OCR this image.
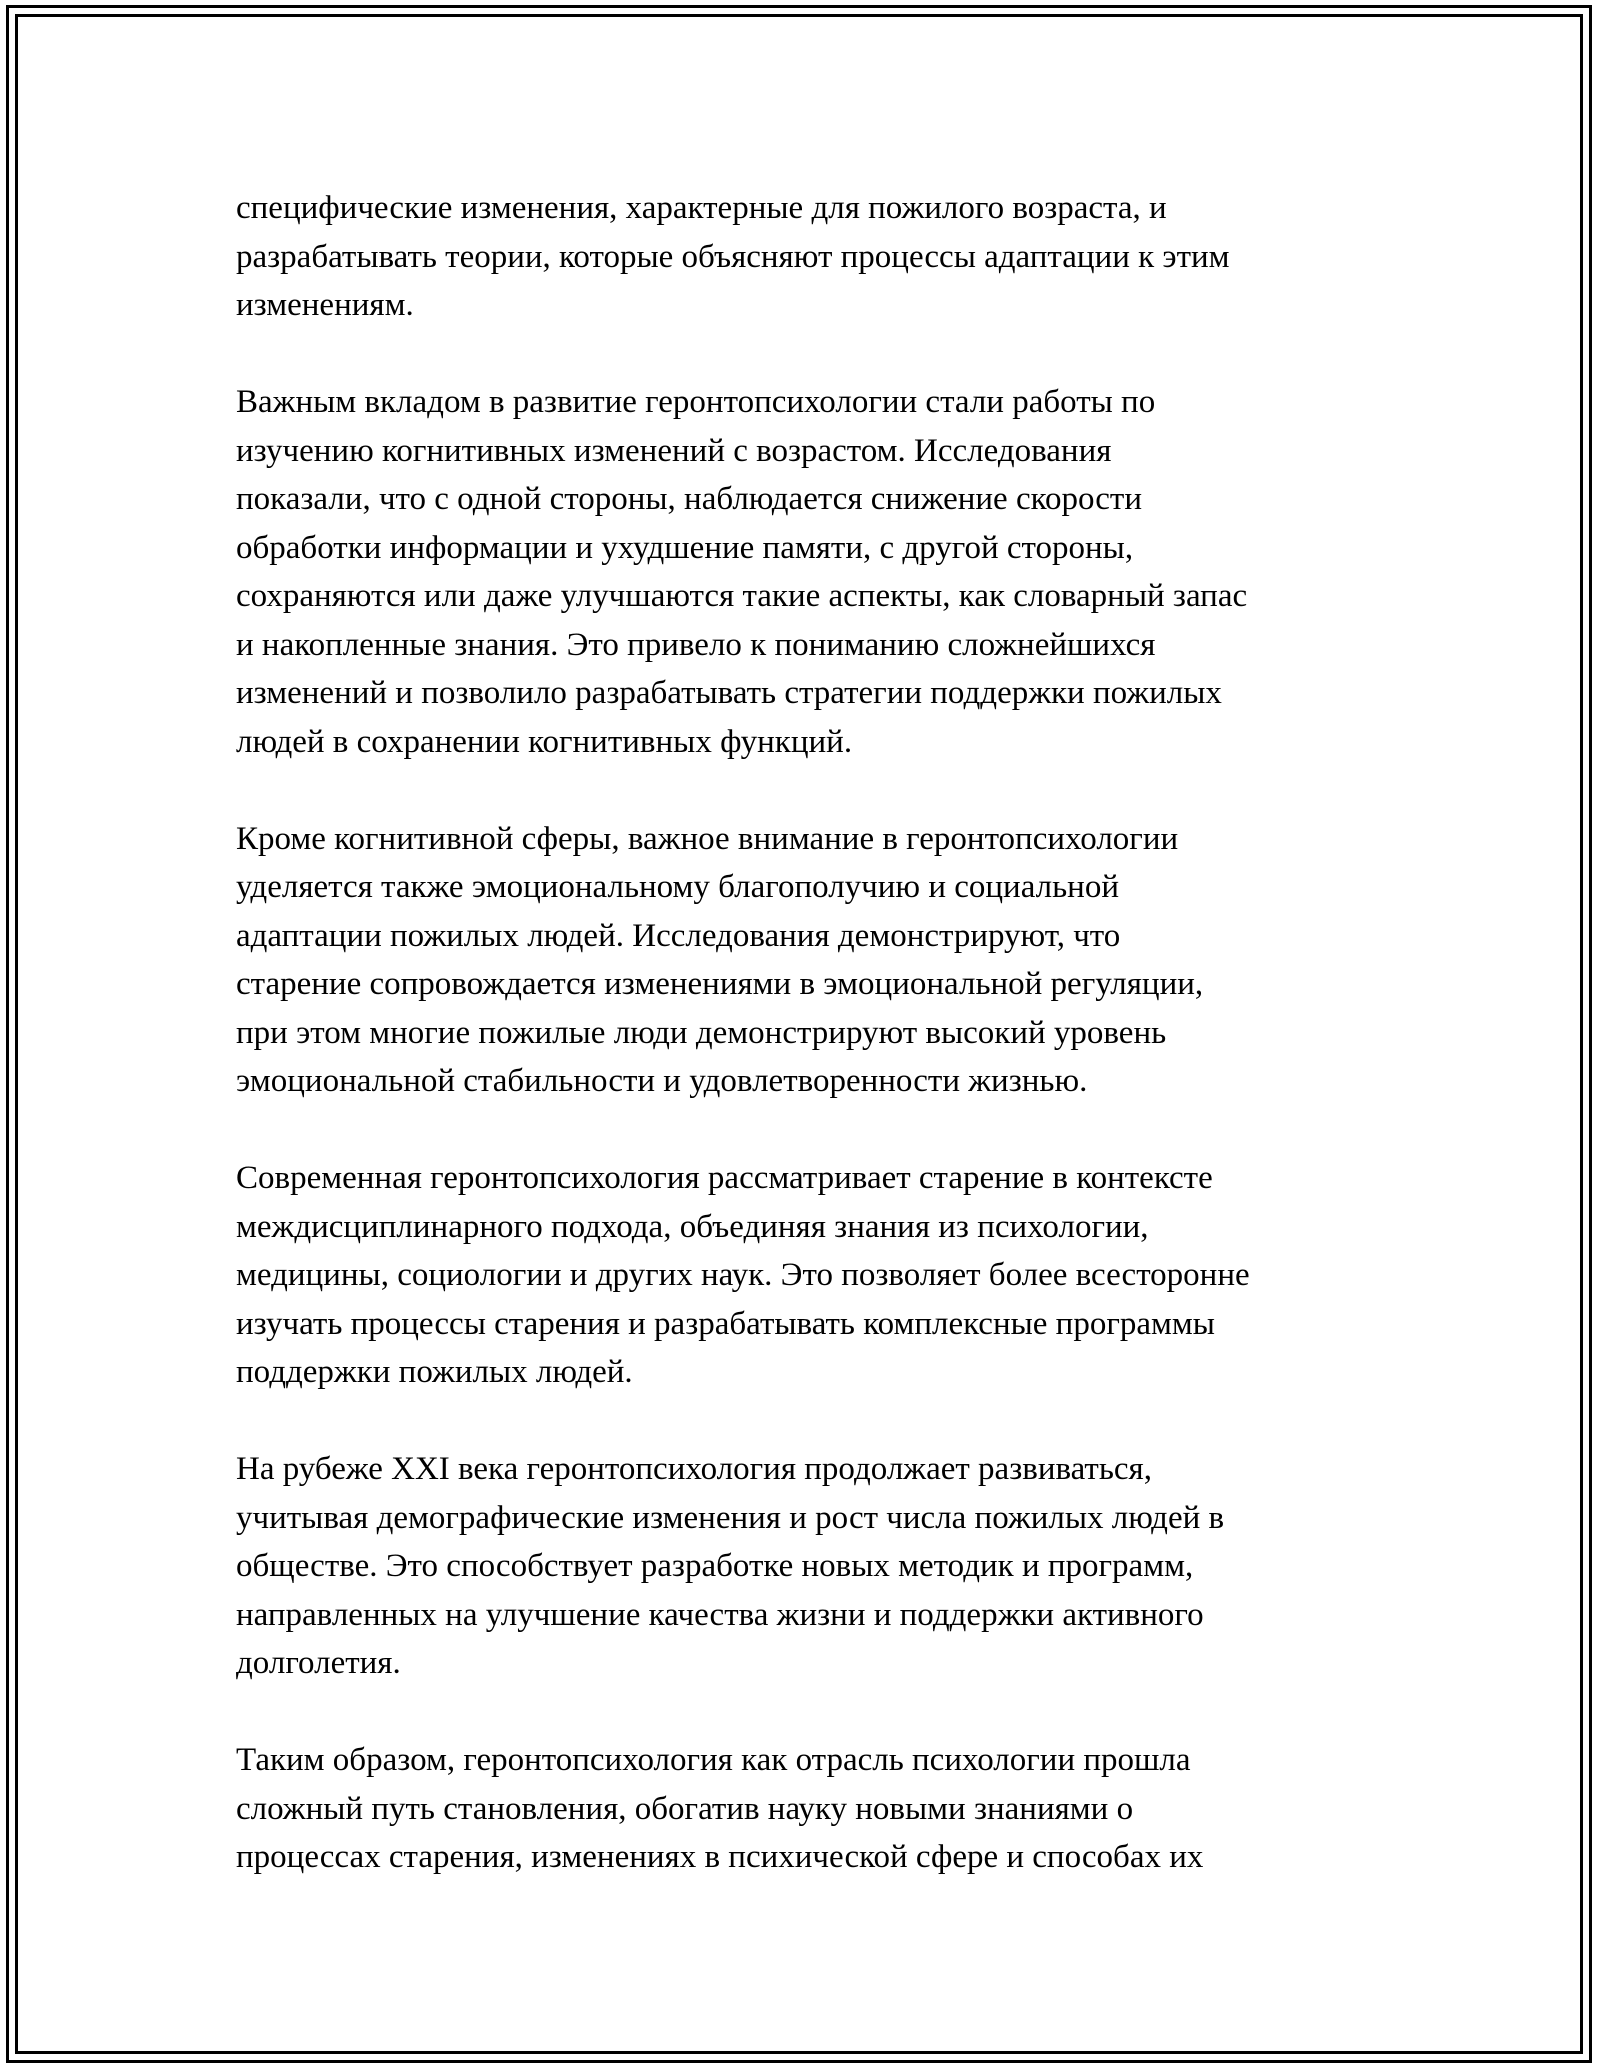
специфические изменения, характерные для пожилого возраста, и
разрабатывать теории, которые объясняют процессы адаптации к этим
изменениям.

Важным вкладом в развитие геронтопсихологии стали работы по
изучению когнитивных изменений с возрастом. Исследования
показали, что с одной стороны, наблюдается снижение скорости
обработки информации и ухудшение памяти, с другой стороны,
сохраняются или даже улучшаются такие аспекты, как словарный запас
и накопленные знания. Это привело к пониманию сложнейшихся
изменений и позволило разрабатывать стратегии поддержки пожилых
людей в сохранении когнитивных функций.

Кроме когнитивной сферы, важное внимание в геронтопсихологии
уделяется также эмоциональному благополучию и социальной
адаптации пожилых людей. Исследования демонстрируют, что
старение сопровождается изменениями в эмоциональной регуляции,
при этом многие пожилые люди демонстрируют высокий уровень
эмоциональной стабильности и удовлетворенности жизнью.

Современная геронтопсихология рассматривает старение в контексте
междисциплинарного подхода, объединяя знания из психологии,
медицины, социологии и других наук. Это позволяет более всесторонне
изучать процессы старения и разрабатывать комплексные программы
поддержки пожилых людей.

На рубеже XXI века геронтопсихология продолжает развиваться,
учитывая демографические изменения и рост числа пожилых людей в
обществе. Это способствует разработке новых методик и программ,
направленных на улучшение качества жизни и поддержки активного
долголетия.

Таким образом, геронтопсихология как отрасль психологии прошла
сложный путь становления, обогатив науку новыми знаниями о
процессах старения, изменениях в психической сфере и способах их
